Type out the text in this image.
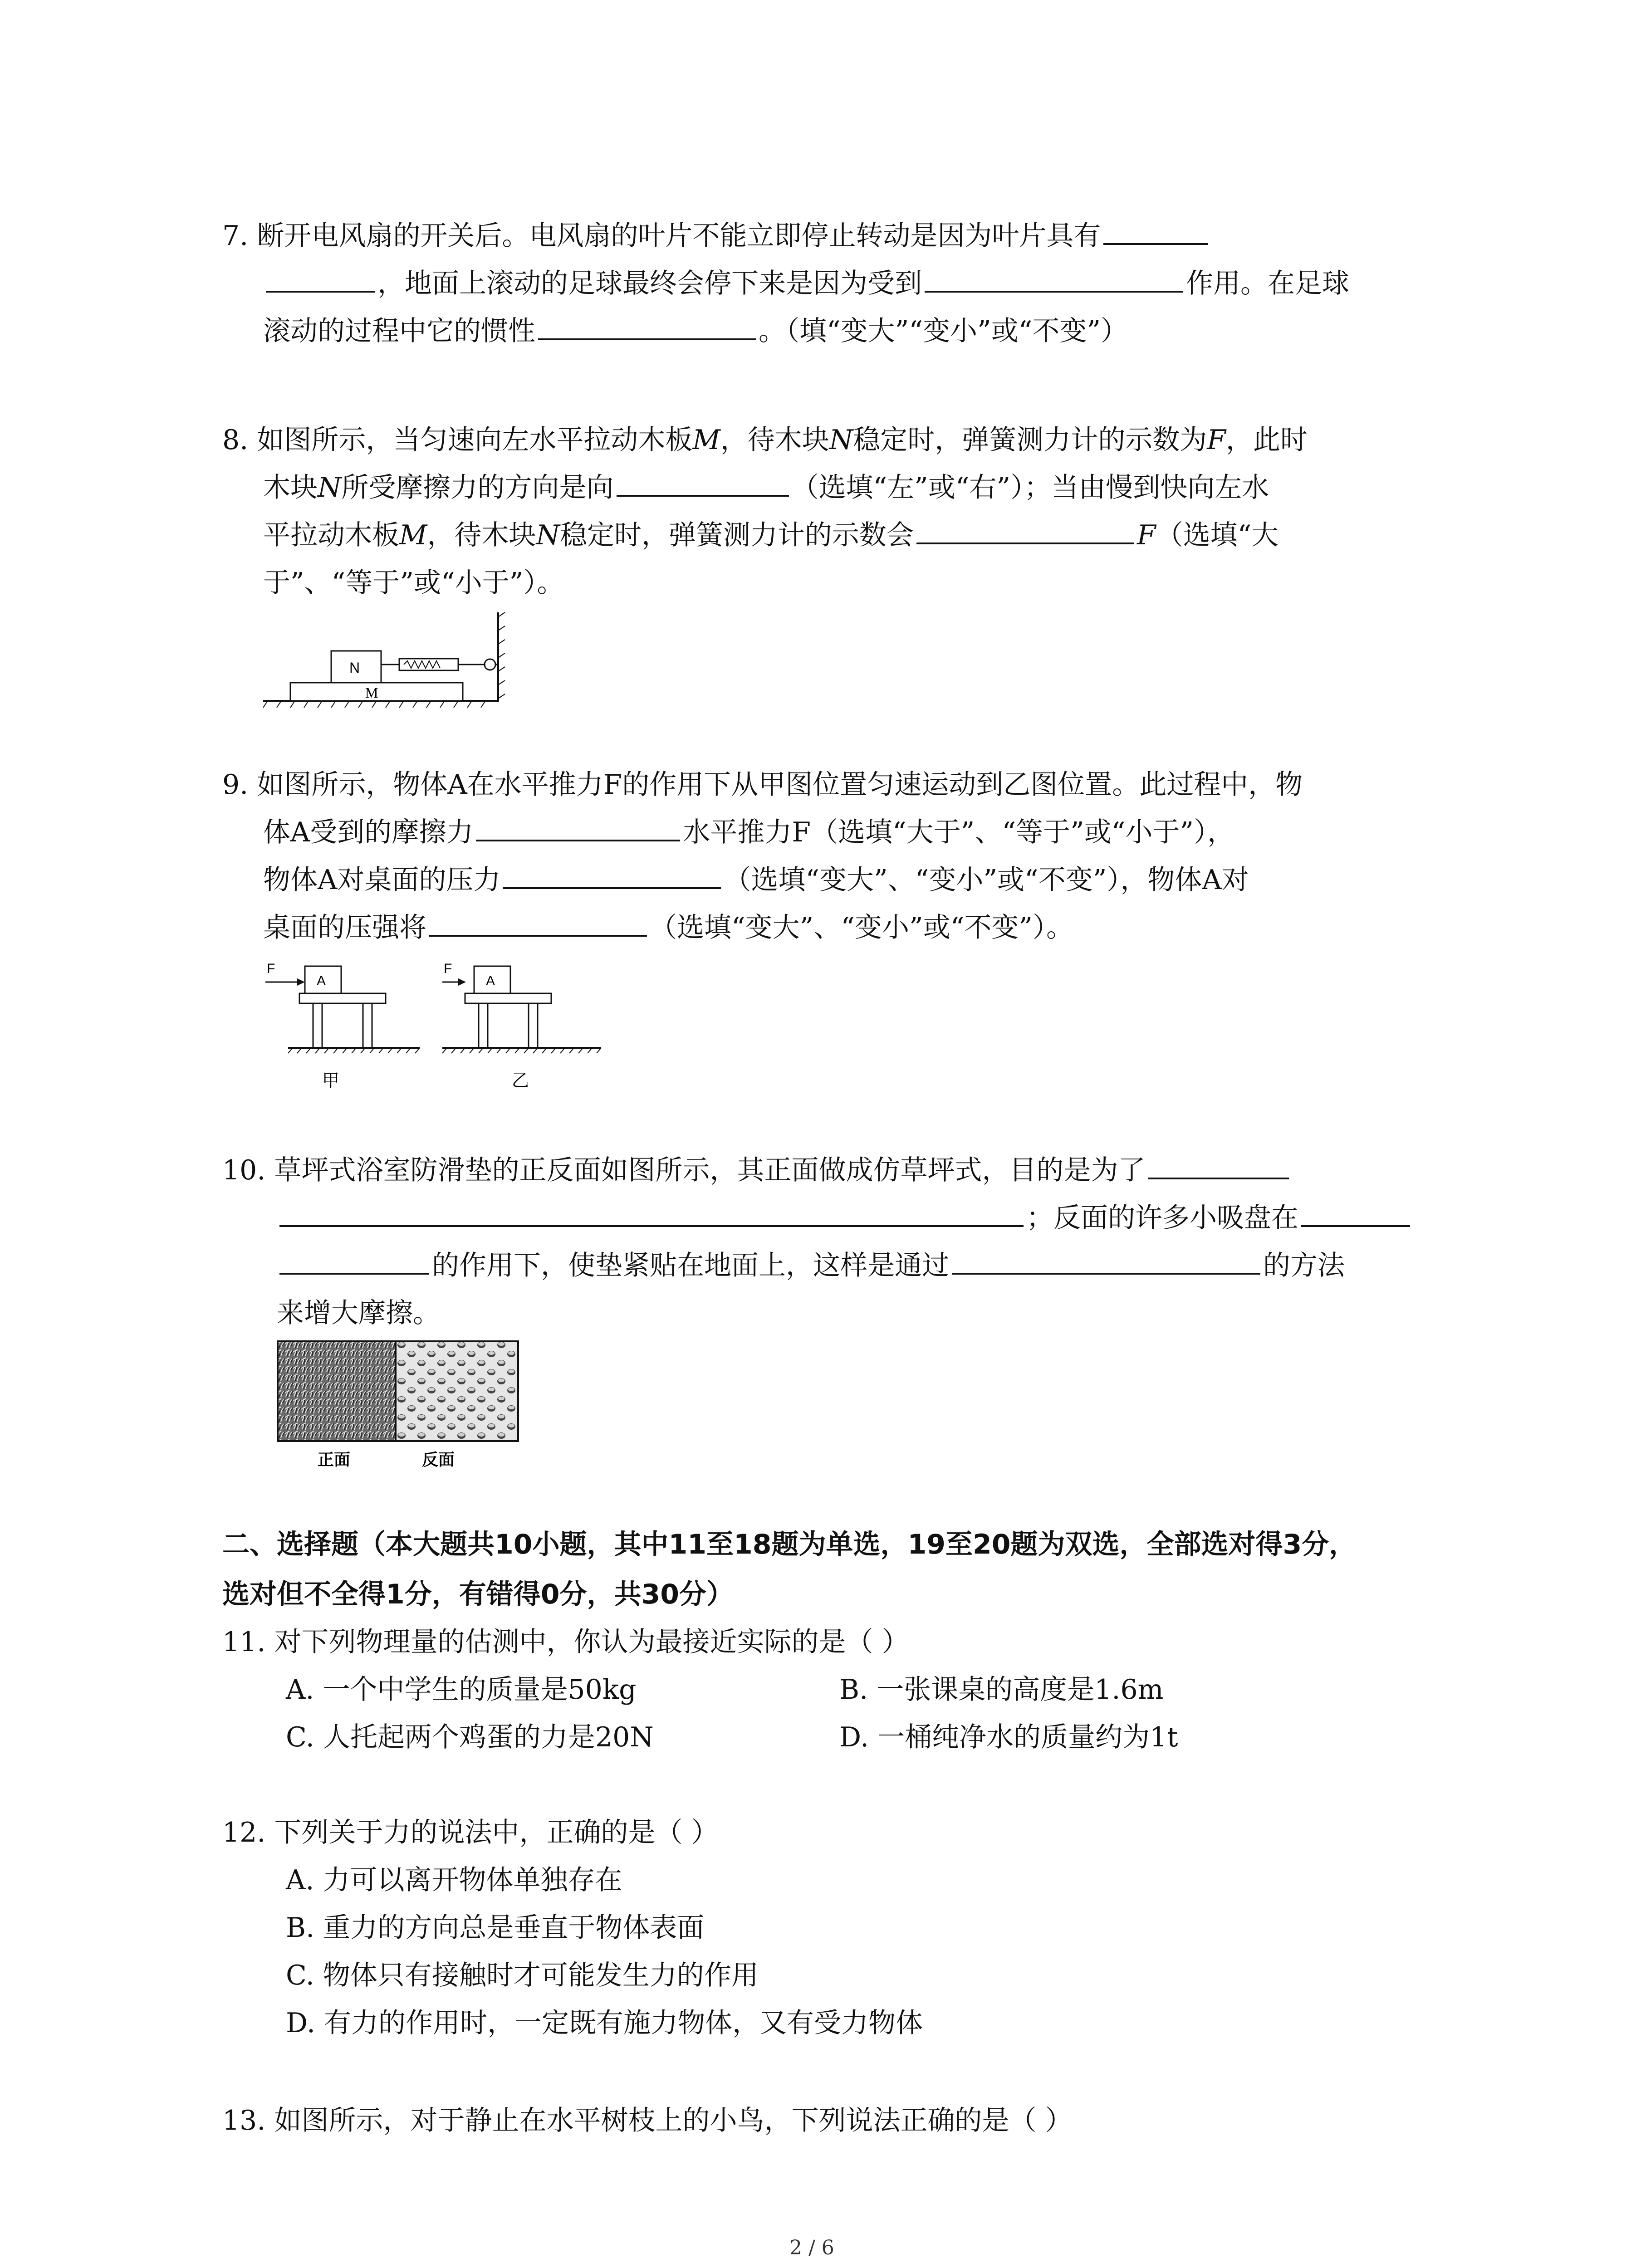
7. 断开电风扇的开关后。电风扇的叶片不能立即停止转动是因为叶片具有
，地面上滚动的足球最终会停下来是因为受到	作用。在足球
滚动的过程中它的惯性	。（填“变大”“变小”或“不变”）
8. 如图所示，当匀速向左水平拉动木板M，待木块N稳定时，弹簧测力计的示数为F，此时
木块N所受摩擦力的方向是向	（选填“左”或“右”）；当由慢到快向左水
平拉动木板M，待木块N稳定时，弹簧测力计的示数会	F（选填“大
于”、“等于”或“小于”）。
M
N
9. 如图所示，物体A在水平推力F的作用下从甲图位置匀速运动到乙图位置。此过程中，物
体A受到的摩擦力	水平推力F（选填“大于”、“等于”或“小于”），
物体A对桌面的压力	（选填“变大”、“变小”或“不变”），物体A对
桌面的压强将	（选填“变大”、“变小”或“不变”）。
F
A
甲
F
A
乙
10. 草坪式浴室防滑垫的正反面如图所示，其正面做成仿草坪式，目的是为了
；反面的许多小吸盘在
的作用下，使垫紧贴在地面上，这样是通过	的方法
来增大摩擦。
正面	反面
二、选择题（本大题共10小题，其中11至18题为单选，19至20题为双选，全部选对得3分，
选对但不全得1分，有错得0分，共30分）
11. 对下列物理量的估测中，你认为最接近实际的是（ ）
A. 一个中学生的质量是50kg	B. 一张课桌的高度是1.6m
C. 人托起两个鸡蛋的力是20N	D. 一桶纯净水的质量约为1t
12. 下列关于力的说法中，正确的是（ ）
A. 力可以离开物体单独存在
B. 重力的方向总是垂直于物体表面
C. 物体只有接触时才可能发生力的作用
D. 有力的作用时，一定既有施力物体，又有受力物体
13. 如图所示，对于静止在水平树枝上的小鸟，下列说法正确的是（ ）
2 / 6
